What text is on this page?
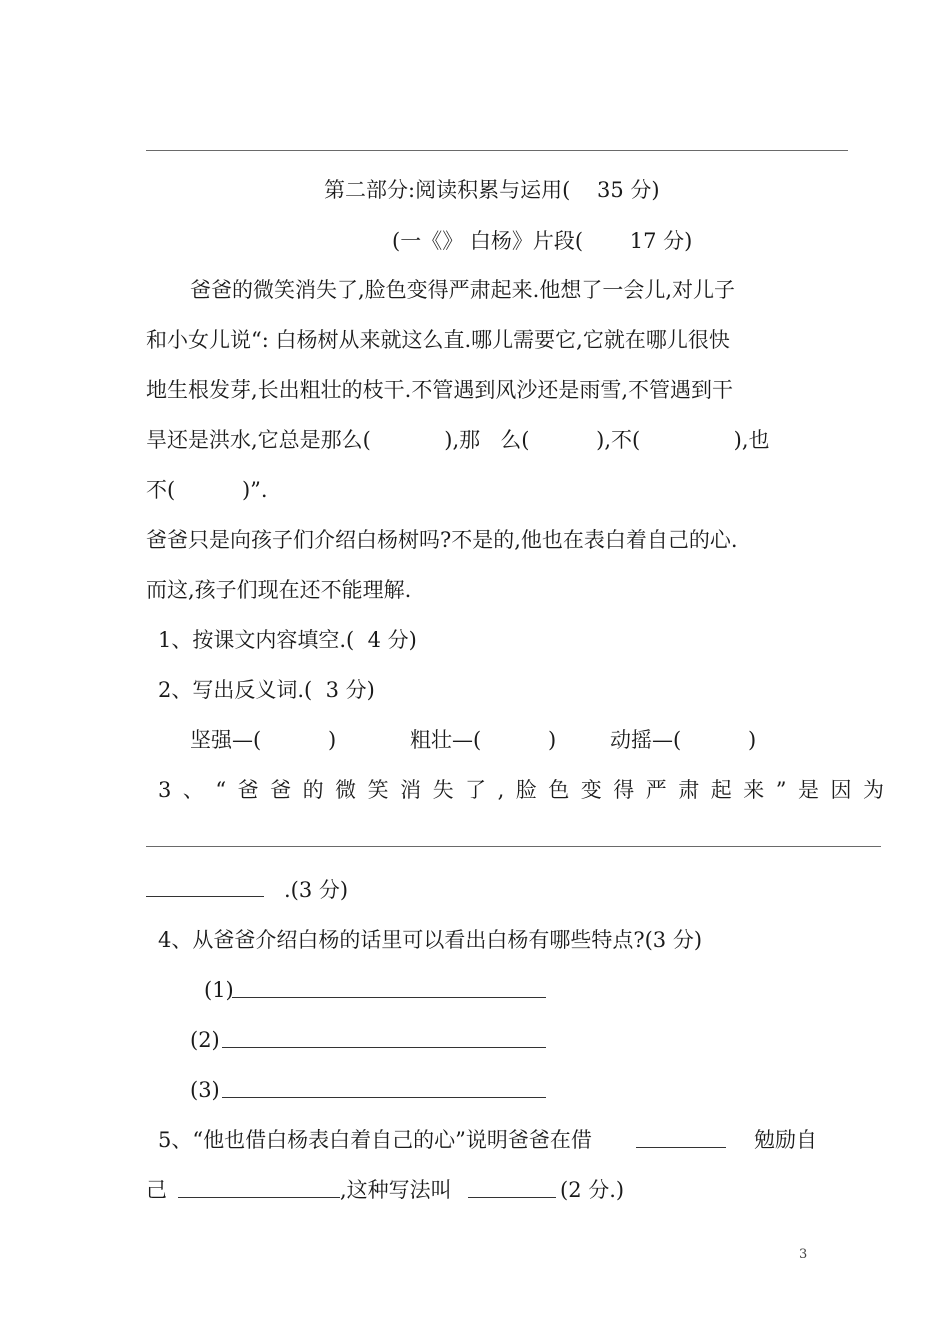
第二部分:阅读积累与运用(    35 分)
(一《》 白杨》片段(       17 分)
爸爸的微笑消失了,脸色变得严肃起来.他想了一会儿,对儿子
和小女儿说“: 白杨树从来就这么直.哪儿需要它,它就在哪儿很快
地生根发芽,长出粗壮的枝干.不管遇到风沙还是雨雪,不管遇到干
旱还是洪水,它总是那么(           ),那   么(          ),不(              ),也
不(          )”.
爸爸只是向孩子们介绍白杨树吗?不是的,他也在表白着自己的心.
而这,孩子们现在还不能理解.
1、按课文内容填空.(  4 分)
2、写出反义词.(  3 分)
坚强—(          )	粗壮—(          )	动摇—(          )
3、“爸爸的微笑消失了,脸色变得严肃起来”是因为
.(3 分)
4、从爸爸介绍白杨的话里可以看出白杨有哪些特点?(3 分)
(1)
(2)
(3)
5、“他也借白杨表白着自己的心”说明爸爸在借	勉励自
己	,这种写法叫	(2 分.)
3
